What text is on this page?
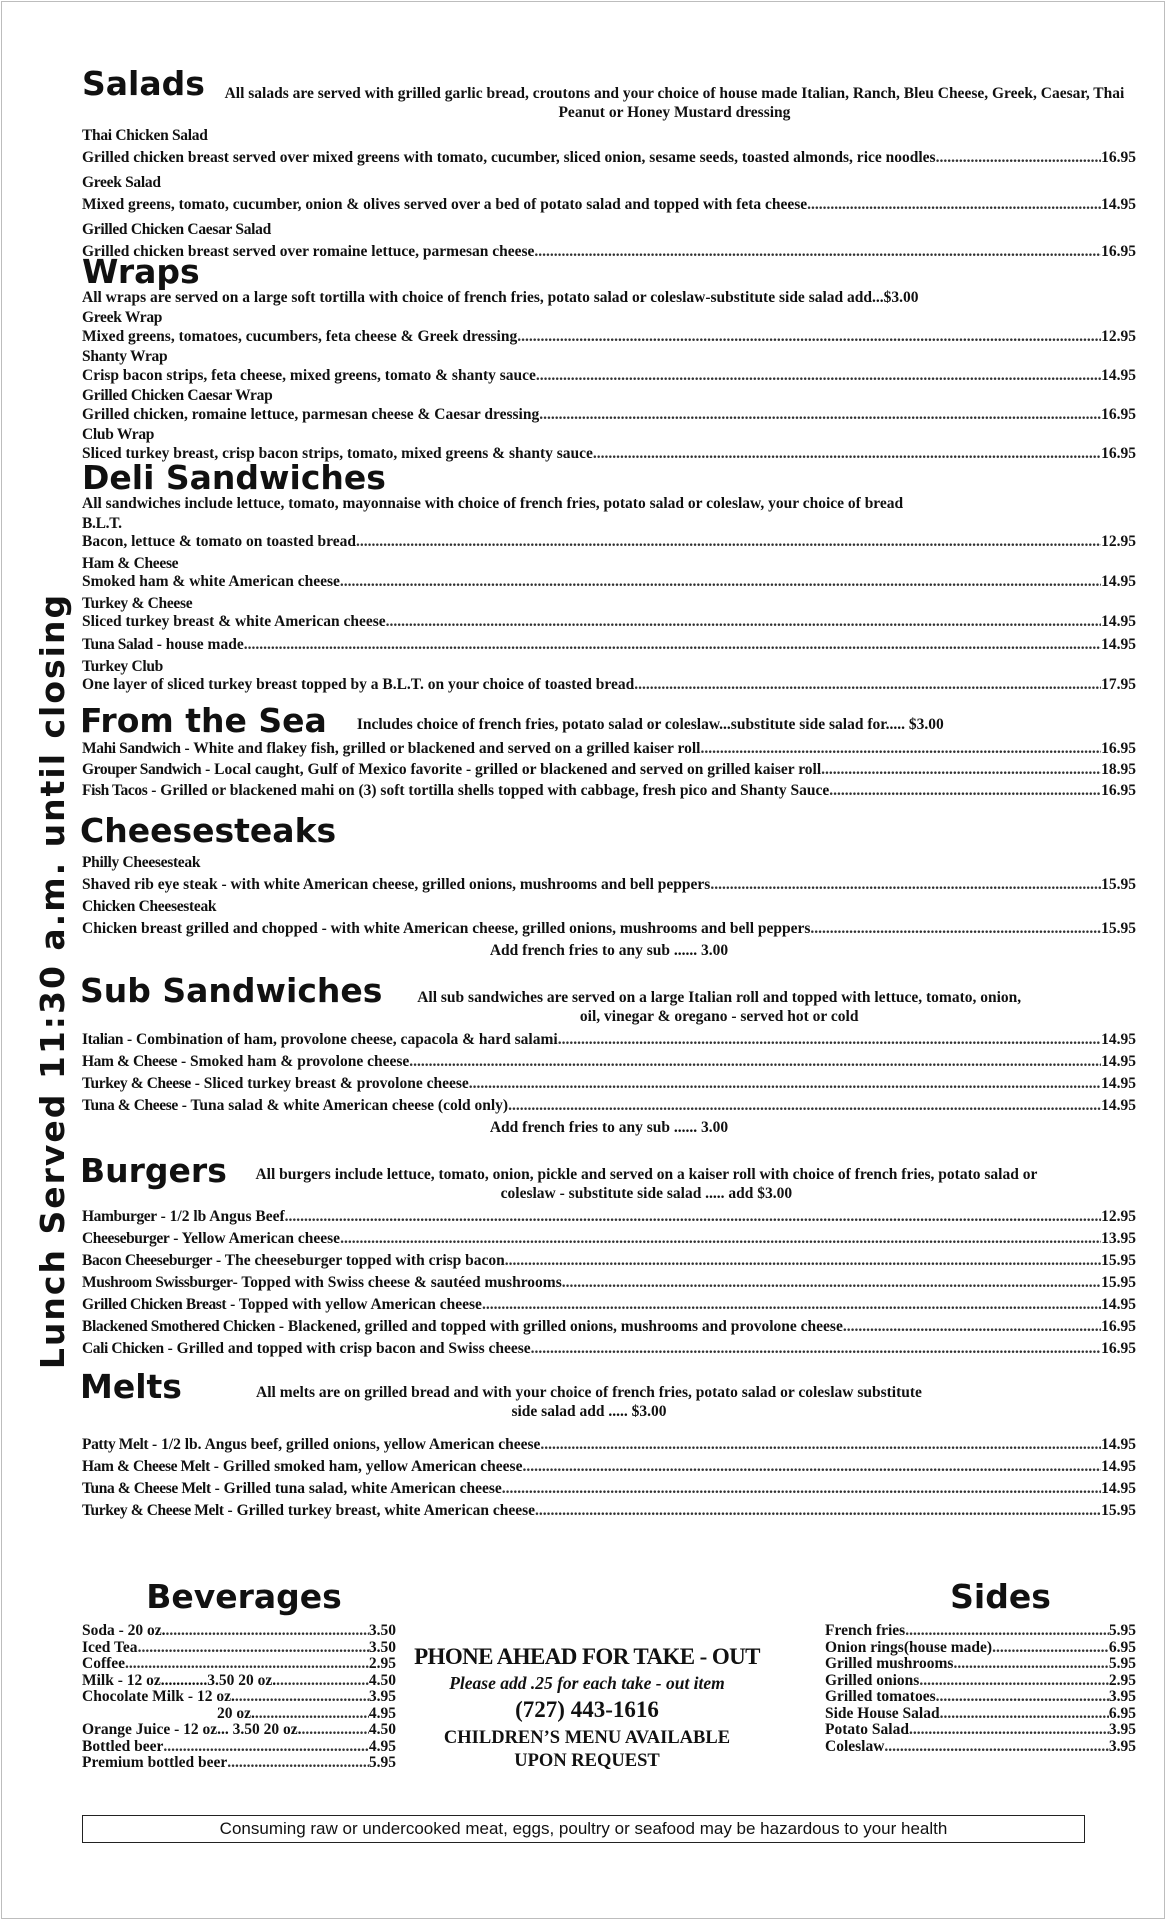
Lunch Served 11:30 a.m. until closing
Salads	All salads are served with grilled garlic bread, croutons and your choice of house made Italian, Ranch, Bleu Cheese, Greek, Caesar, Thai Peanut or Honey Mustard dressing
Thai Chicken Salad
Grilled chicken breast served over mixed greens with tomato, cucumber, sliced onion, sesame seeds, toasted almonds, rice noodles .....	16.95
Greek Salad
Mixed greens, tomato, cucumber, onion & olives served over a bed of potato salad and topped with feta cheese .....	14.95
Grilled Chicken Caesar Salad
Grilled chicken breast served over romaine lettuce, parmesan cheese .....	16.95
Wraps
All wraps are served on a large soft tortilla with choice of french fries, potato salad or coleslaw-substitute side salad add...$3.00
Greek Wrap
Mixed greens, tomatoes, cucumbers, feta cheese & Greek dressing .....	12.95
Shanty Wrap
Crisp bacon strips, feta cheese, mixed greens, tomato & shanty sauce .....	14.95
Grilled Chicken Caesar Wrap
Grilled chicken, romaine lettuce, parmesan cheese & Caesar dressing .....	16.95
Club Wrap
Sliced turkey breast, crisp bacon strips, tomato, mixed greens & shanty sauce .....	16.95
Deli Sandwiches
All sandwiches include lettuce, tomato, mayonnaise with choice of french fries, potato salad or coleslaw, your choice of bread
B.L.T.
Bacon, lettuce & tomato on toasted bread .....	12.95
Ham & Cheese
Smoked ham & white American cheese .....	14.95
Turkey & Cheese
Sliced turkey breast & white American cheese .....	14.95
Tuna Salad - house made .....	14.95
Turkey Club
One layer of sliced turkey breast topped by a B.L.T. on your choice of toasted bread .....	17.95
From the Sea	Includes choice of french fries, potato salad or coleslaw...substitute side salad for..... $3.00
Mahi Sandwich - White and flakey fish, grilled or blackened and served on a grilled kaiser roll .....	16.95
Grouper Sandwich - Local caught, Gulf of Mexico favorite - grilled or blackened and served on grilled kaiser roll .....	18.95
Fish Tacos - Grilled or blackened mahi on (3) soft tortilla shells topped with cabbage, fresh pico and Shanty Sauce .....	16.95
Cheesesteaks
Philly Cheesesteak
Shaved rib eye steak - with white American cheese, grilled onions, mushrooms and bell peppers .....	15.95
Chicken Cheesesteak
Chicken breast grilled and chopped - with white American cheese, grilled onions, mushrooms and bell peppers .....	15.95
Add french fries to any sub ...... 3.00
Sub Sandwiches	All sub sandwiches are served on a large Italian roll and topped with lettuce, tomato, onion, oil, vinegar & oregano - served hot or cold
Italian - Combination of ham, provolone cheese, capacola & hard salami .....	14.95
Ham & Cheese - Smoked ham & provolone cheese .....	14.95
Turkey & Cheese - Sliced turkey breast & provolone cheese .....	14.95
Tuna & Cheese - Tuna salad & white American cheese (cold only) .....	14.95
Add french fries to any sub ...... 3.00
Burgers	All burgers include lettuce, tomato, onion, pickle and served on a kaiser roll with choice of french fries, potato salad or coleslaw - substitute side salad ..... add $3.00
Hamburger - 1/2 lb Angus Beef .....	12.95
Cheeseburger - Yellow American cheese .....	13.95
Bacon Cheeseburger - The cheeseburger topped with crisp bacon .....	15.95
Mushroom Swissburger- Topped with Swiss cheese & sautéed mushrooms .....	15.95
Grilled Chicken Breast - Topped with yellow American cheese .....	14.95
Blackened Smothered Chicken - Blackened, grilled and topped with grilled onions, mushrooms and provolone cheese .....	16.95
Cali Chicken - Grilled and topped with crisp bacon and Swiss cheese .....	16.95
Melts	All melts are on grilled bread and with your choice of french fries, potato salad or coleslaw substitute side salad add ..... $3.00
Patty Melt - 1/2 lb. Angus beef, grilled onions, yellow American cheese .....	14.95
Ham & Cheese Melt - Grilled smoked ham, yellow American cheese .....	14.95
Tuna & Cheese Melt - Grilled tuna salad, white American cheese .....	14.95
Turkey & Cheese Melt - Grilled turkey breast, white American cheese .....	15.95
Beverages
Soda - 20 oz. .....	3.50
Iced Tea .....	3.50
Coffee .....	2.95
Milk - 12 oz............3.50 20 oz. .....	4.50
Chocolate Milk - 12 oz. .....	3.95
20 oz. .....	4.95
Orange Juice - 12 oz... 3.50 20 oz. .....	4.50
Bottled beer .....	4.95
Premium bottled beer .....	5.95
PHONE AHEAD FOR TAKE - OUT
Please add .25 for each take - out item
(727) 443-1616
CHILDREN’S MENU AVAILABLE
UPON REQUEST
Sides
French fries .....	5.95
Onion rings(house made) .....	6.95
Grilled mushrooms .....	5.95
Grilled onions .....	2.95
Grilled tomatoes .....	3.95
Side House Salad .....	6.95
Potato Salad .....	3.95
Coleslaw .....	3.95
Consuming raw or undercooked meat, eggs, poultry or seafood may be hazardous to your health
